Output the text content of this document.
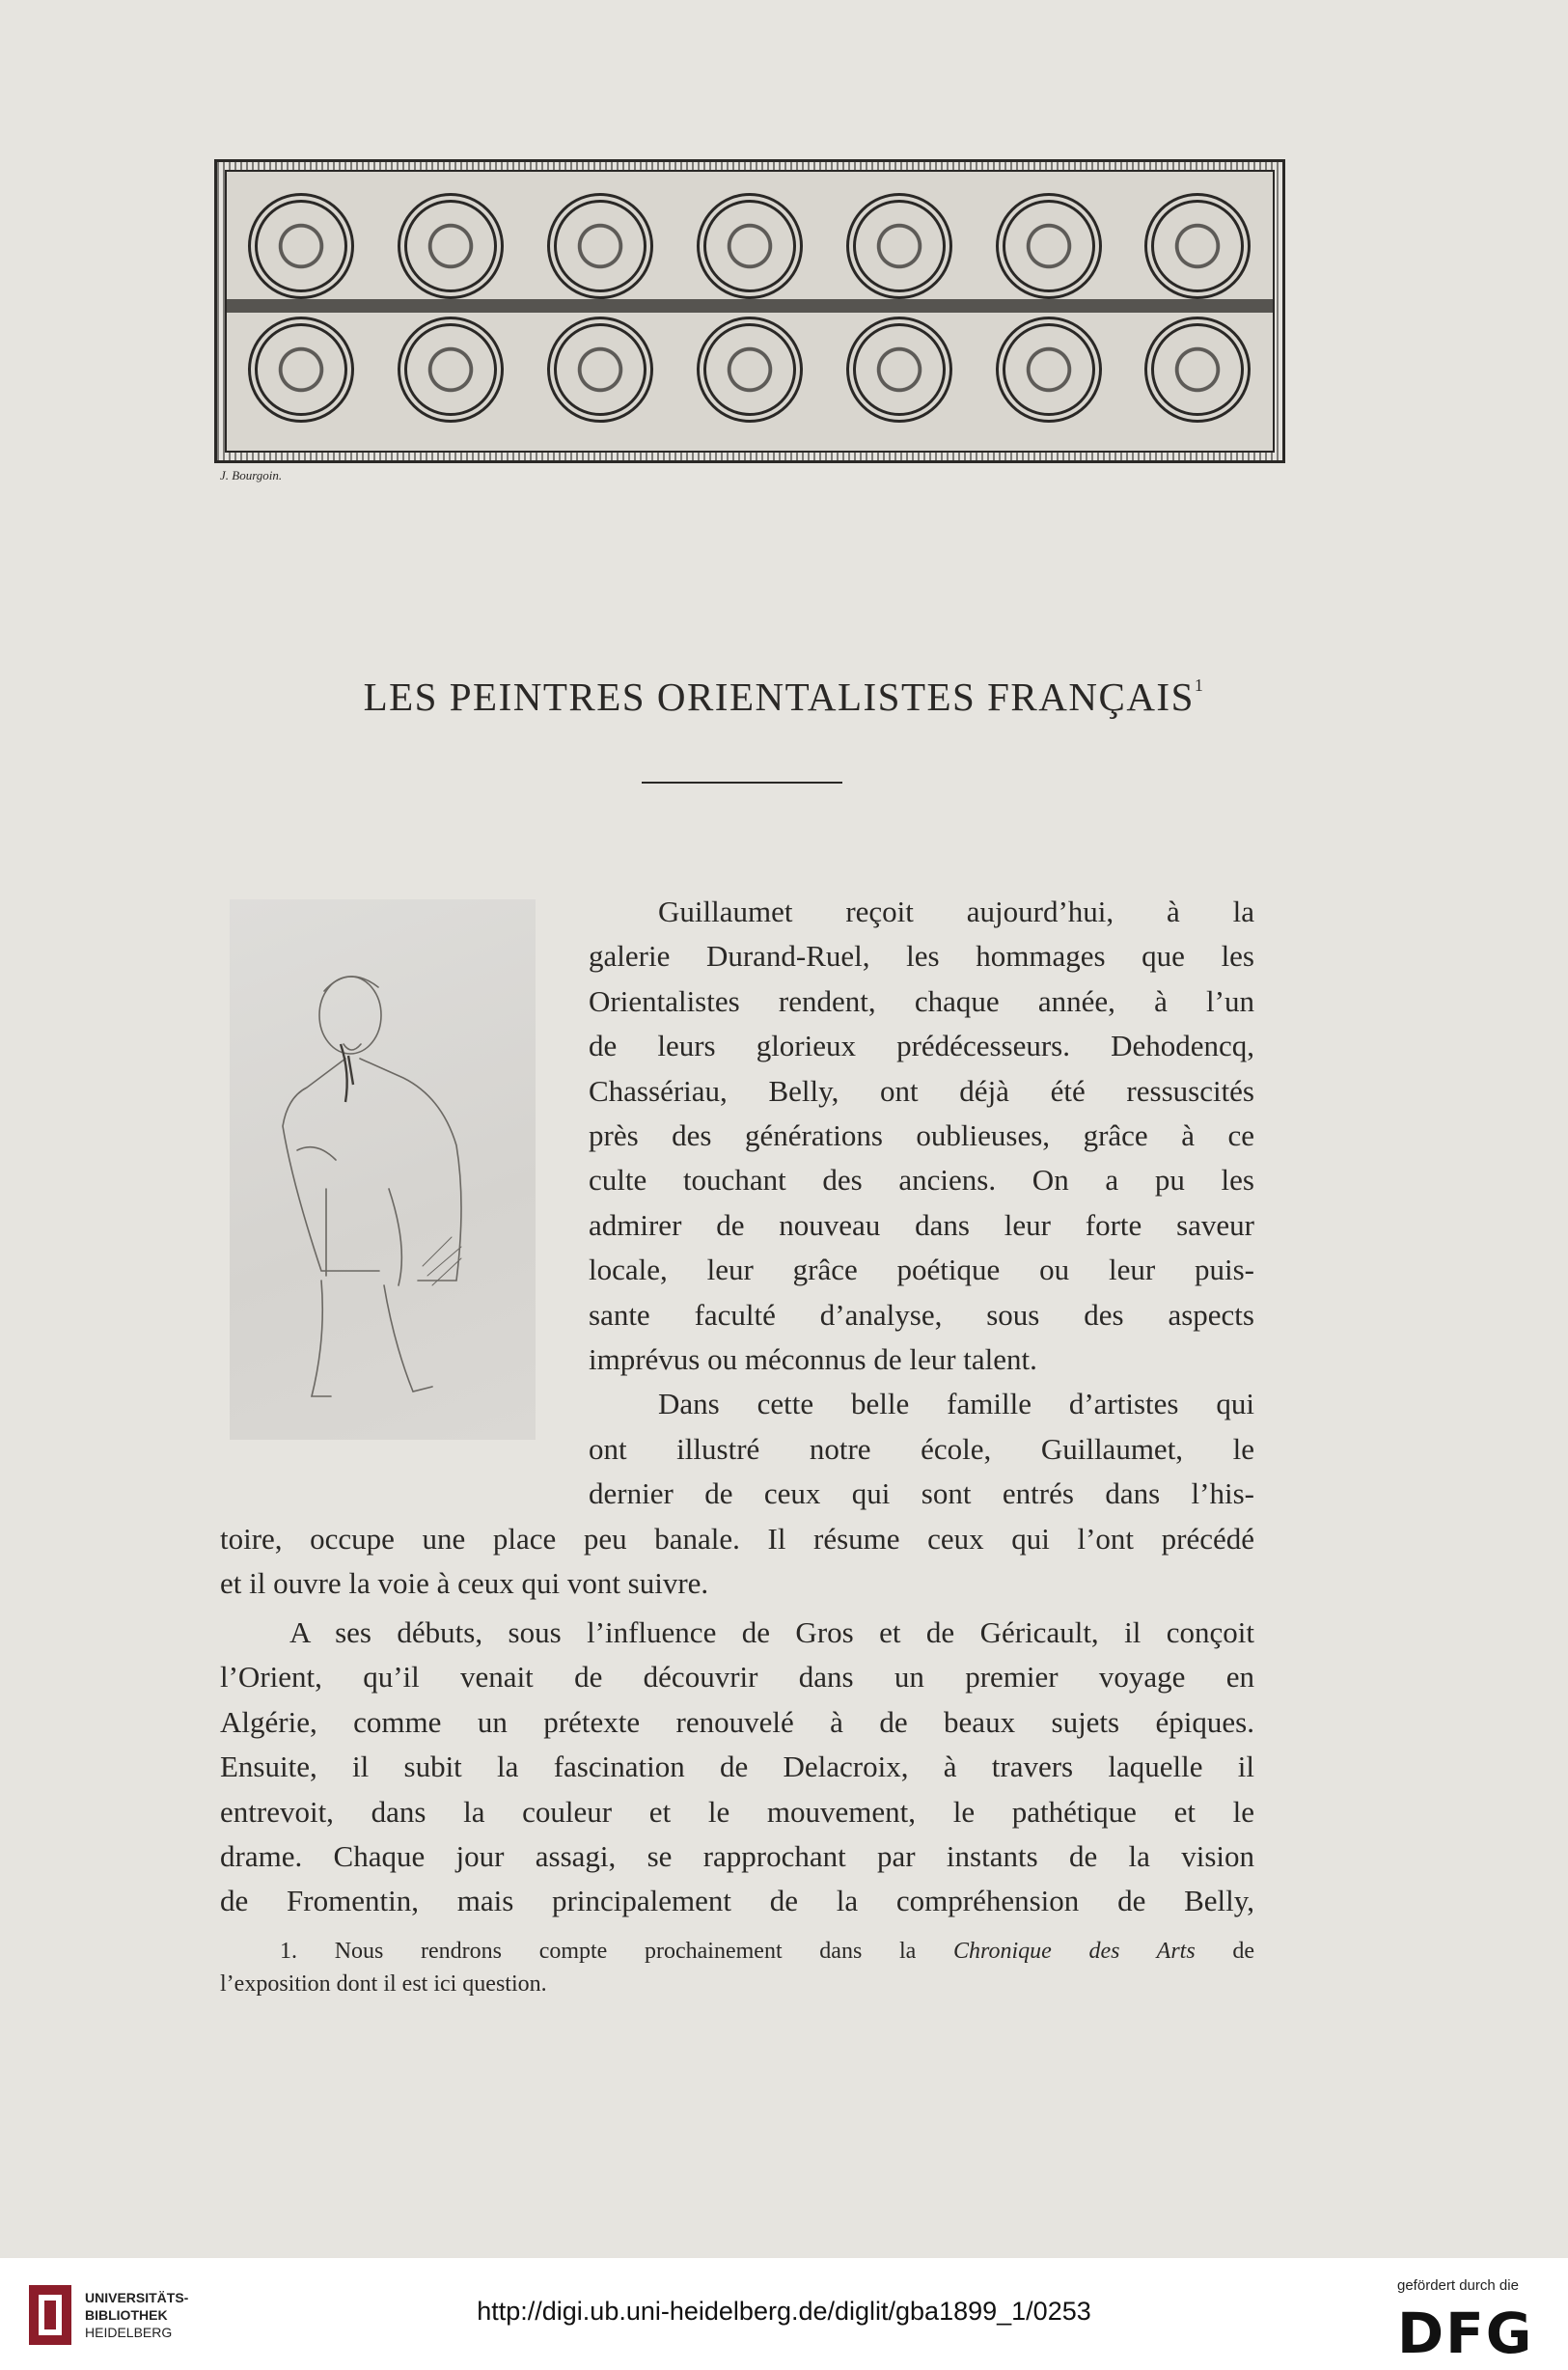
J. Bourgoin.
LES PEINTRES ORIENTALISTES FRANÇAIS$^1$
Guillaumet reçoit aujourd’hui, à la
galerie Durand-Ruel, les hommages que les
Orientalistes rendent, chaque année, à l’un
de leurs glorieux prédécesseurs. Dehodencq,
Chassériau, Belly, ont déjà été ressuscités
près des générations oublieuses, grâce à ce
culte touchant des anciens. On a pu les
admirer de nouveau dans leur forte saveur
locale, leur grâce poétique ou leur puis-
sante faculté d’analyse, sous des aspects
imprévus ou méconnus de leur talent.
Dans cette belle famille d’artistes qui
ont illustré notre école, Guillaumet, le
dernier de ceux qui sont entrés dans l’his-
toire, occupe une place peu banale. Il résume ceux qui l’ont précédé
et il ouvre la voie à ceux qui vont suivre.
A ses débuts, sous l’influence de Gros et de Géricault, il conçoit
l’Orient, qu’il venait de découvrir dans un premier voyage en
Algérie, comme un prétexte renouvelé à de beaux sujets épiques.
Ensuite, il subit la fascination de Delacroix, à travers laquelle il
entrevoit, dans la couleur et le mouvement, le pathétique et le
drame. Chaque jour assagi, se rapprochant par instants de la vision
de Fromentin, mais principalement de la compréhension de Belly,
1. Nous rendrons compte prochainement dans la Chronique des Arts de
l’exposition dont il est ici question.
UNIVERSITÄTS-
BIBLIOTHEK
HEIDELBERG
http://digi.ub.uni-heidelberg.de/diglit/gba1899_1/0253
gefördert durch die
DFG
